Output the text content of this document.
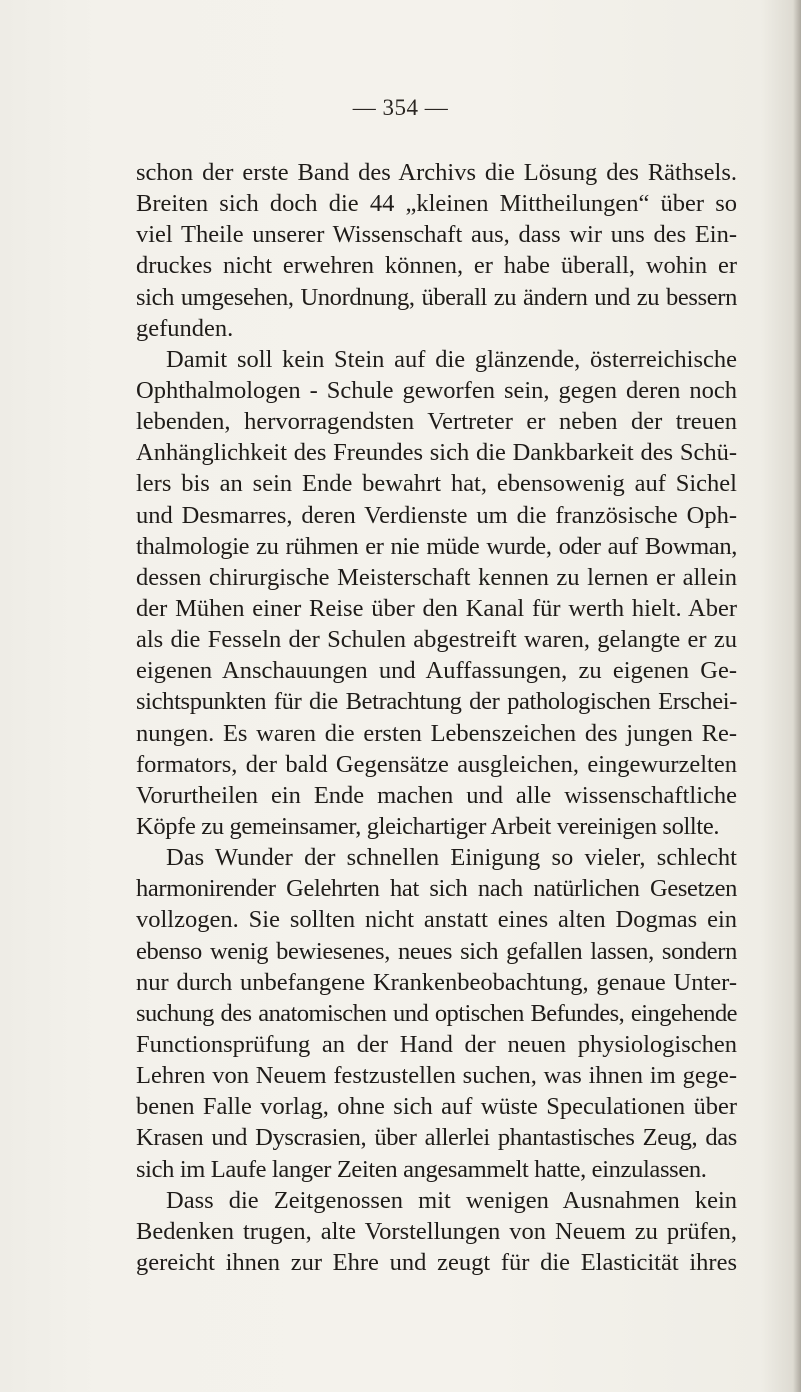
— 354 —
schon der erste Band des Archivs die Lösung des Räthsels.
Breiten sich doch die 44 „kleinen Mittheilungen“ über so
viel Theile unserer Wissenschaft aus, dass wir uns des Ein-
druckes nicht erwehren können, er habe überall, wohin er
sich umgesehen, Unordnung, überall zu ändern und zu bessern
gefunden.
Damit soll kein Stein auf die glänzende, österreichische
Ophthalmologen - Schule geworfen sein, gegen deren noch
lebenden, hervorragendsten Vertreter er neben der treuen
Anhänglichkeit des Freundes sich die Dankbarkeit des Schü-
lers bis an sein Ende bewahrt hat, ebensowenig auf Sichel
und Desmarres, deren Verdienste um die französische Oph-
thalmologie zu rühmen er nie müde wurde, oder auf Bowman,
dessen chirurgische Meisterschaft kennen zu lernen er allein
der Mühen einer Reise über den Kanal für werth hielt. Aber
als die Fesseln der Schulen abgestreift waren, gelangte er zu
eigenen Anschauungen und Auffassungen, zu eigenen Ge-
sichtspunkten für die Betrachtung der pathologischen Erschei-
nungen. Es waren die ersten Lebenszeichen des jungen Re-
formators, der bald Gegensätze ausgleichen, eingewurzelten
Vorurtheilen ein Ende machen und alle wissenschaftliche
Köpfe zu gemeinsamer, gleichartiger Arbeit vereinigen sollte.
Das Wunder der schnellen Einigung so vieler, schlecht
harmonirender Gelehrten hat sich nach natürlichen Gesetzen
vollzogen. Sie sollten nicht anstatt eines alten Dogmas ein
ebenso wenig bewiesenes, neues sich gefallen lassen, sondern
nur durch unbefangene Krankenbeobachtung, genaue Unter-
suchung des anatomischen und optischen Befundes, eingehende
Functionsprüfung an der Hand der neuen physiologischen
Lehren von Neuem festzustellen suchen, was ihnen im gege-
benen Falle vorlag, ohne sich auf wüste Speculationen über
Krasen und Dyscrasien, über allerlei phantastisches Zeug, das
sich im Laufe langer Zeiten angesammelt hatte, einzulassen.
Dass die Zeitgenossen mit wenigen Ausnahmen kein
Bedenken trugen, alte Vorstellungen von Neuem zu prüfen,
gereicht ihnen zur Ehre und zeugt für die Elasticität ihres
